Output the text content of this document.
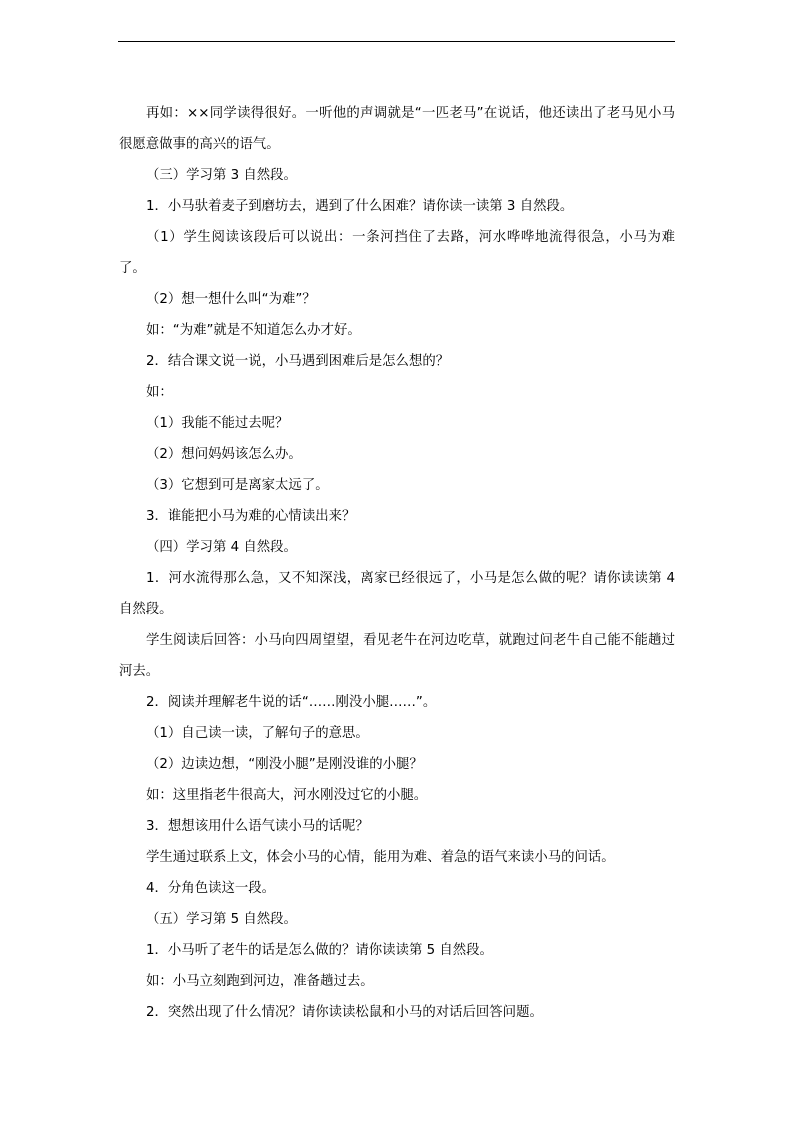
再如：××同学读得很好。一听他的声调就是“一匹老马”在说话，他还读出了老马见小马很愿意做事的高兴的语气。

（三）学习第 3 自然段。

1．小马驮着麦子到磨坊去，遇到了什么困难？请你读一读第 3 自然段。

（1）学生阅读该段后可以说出：一条河挡住了去路，河水哗哗地流得很急，小马为难了。

（2）想一想什么叫“为难”？

如：“为难”就是不知道怎么办才好。

2．结合课文说一说，小马遇到困难后是怎么想的？

如：

（1）我能不能过去呢？

（2）想问妈妈该怎么办。

（3）它想到可是离家太远了。

3．谁能把小马为难的心情读出来？

（四）学习第 4 自然段。

1．河水流得那么急，又不知深浅，离家已经很远了，小马是怎么做的呢？请你读读第 4 自然段。

学生阅读后回答：小马向四周望望，看见老牛在河边吃草，就跑过问老牛自己能不能趟过河去。

2．阅读并理解老牛说的话“……刚没小腿……”。

（1）自己读一读，了解句子的意思。

（2）边读边想，“刚没小腿”是刚没谁的小腿？

如：这里指老牛很高大，河水刚没过它的小腿。

3．想想该用什么语气读小马的话呢？

学生通过联系上文，体会小马的心情，能用为难、着急的语气来读小马的问话。

4．分角色读这一段。

（五）学习第 5 自然段。

1．小马听了老牛的话是怎么做的？请你读读第 5 自然段。

如：小马立刻跑到河边，准备趟过去。

2．突然出现了什么情况？请你读读松鼠和小马的对话后回答问题。
